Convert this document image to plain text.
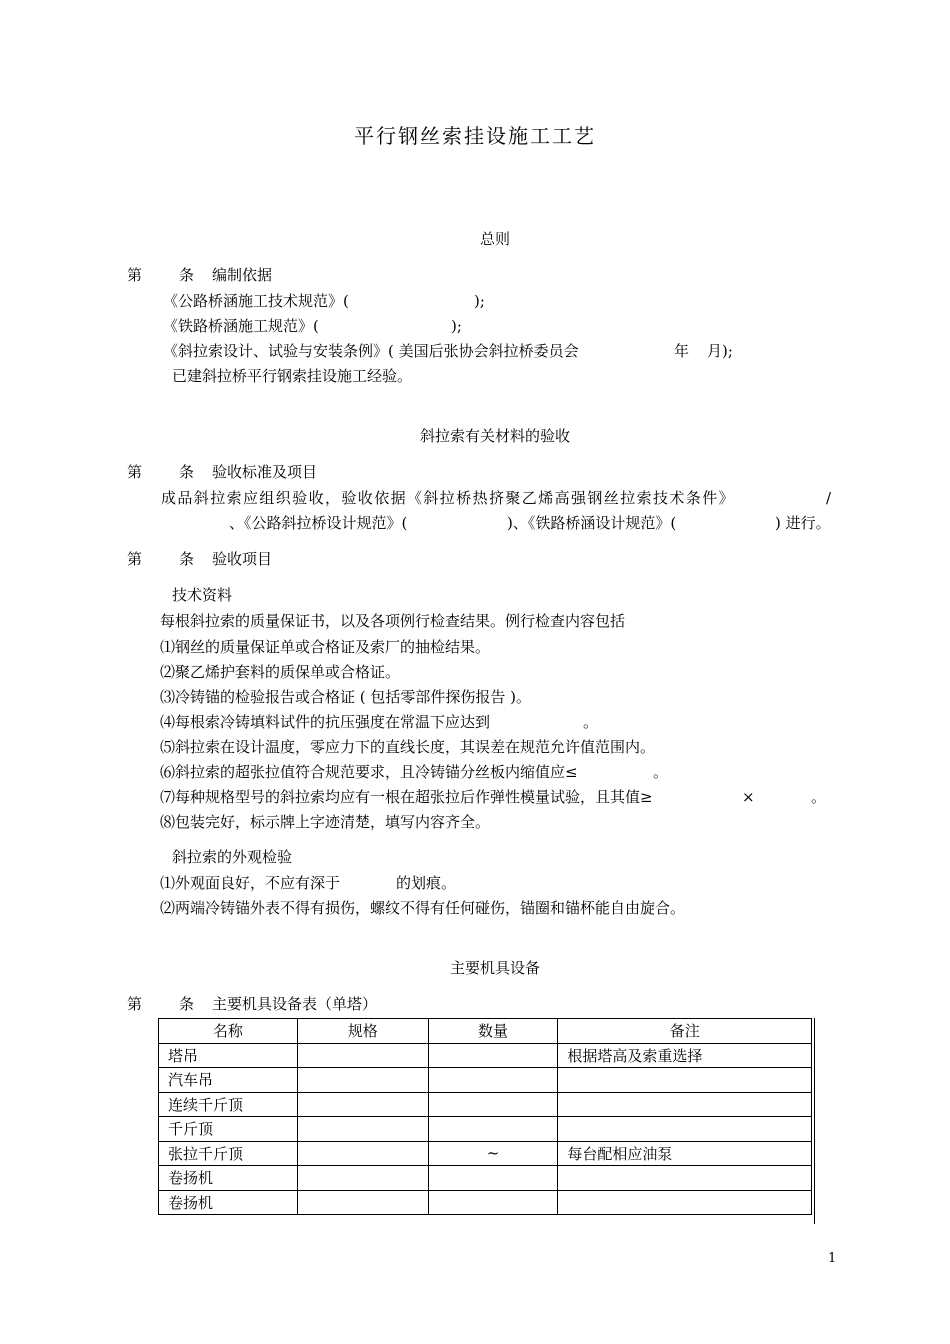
平行钢丝索挂设施工工艺
总则
第 条 编制依据
《公路桥涵施工技术规范》(	);
《铁路桥涵施工规范》(	);
《斜拉索设计、试验与安装条例》( 美国后张协会斜拉桥委员会	年 月);
已建斜拉桥平行钢索挂设施工经验。
斜拉索有关材料的验收
第 条 验收标准及项目
成品斜拉索应组织验收，验收依据《斜拉桥热挤聚乙烯高强钢丝拉索技术条件》	/
、《公路斜拉桥设计规范》(	)、《铁路桥涵设计规范》(	) 进行。
第 条 验收项目
技术资料
每根斜拉索的质量保证书，以及各项例行检查结果。例行检查内容包括
⑴钢丝的质量保证单或合格证及索厂的抽检结果。
⑵聚乙烯护套料的质保单或合格证。
⑶冷铸锚的检验报告或合格证 ( 包括零部件探伤报告 )。
⑷每根索冷铸填料试件的抗压强度在常温下应达到	。
⑸斜拉索在设计温度，零应力下的直线长度，其误差在规范允许值范围内。
⑹斜拉索的超张拉值符合规范要求，且冷铸锚分丝板内缩值应≤	。
⑺每种规格型号的斜拉索均应有一根在超张拉后作弹性模量试验，且其值≥	×	。
⑻包装完好，标示牌上字迹清楚，填写内容齐全。
斜拉索的外观检验
⑴外观面良好，不应有深于	的划痕。
⑵两端冷铸锚外表不得有损伤，螺纹不得有任何碰伤，锚圈和锚杯能自由旋合。
主要机具设备
第 条 主要机具设备表（单塔）
名称	规格	数量	备注
塔吊			根据塔高及索重选择
汽车吊			
连续千斤顶			
千斤顶			
张拉千斤顶		~	每台配相应油泵
卷扬机			
卷扬机			
1
